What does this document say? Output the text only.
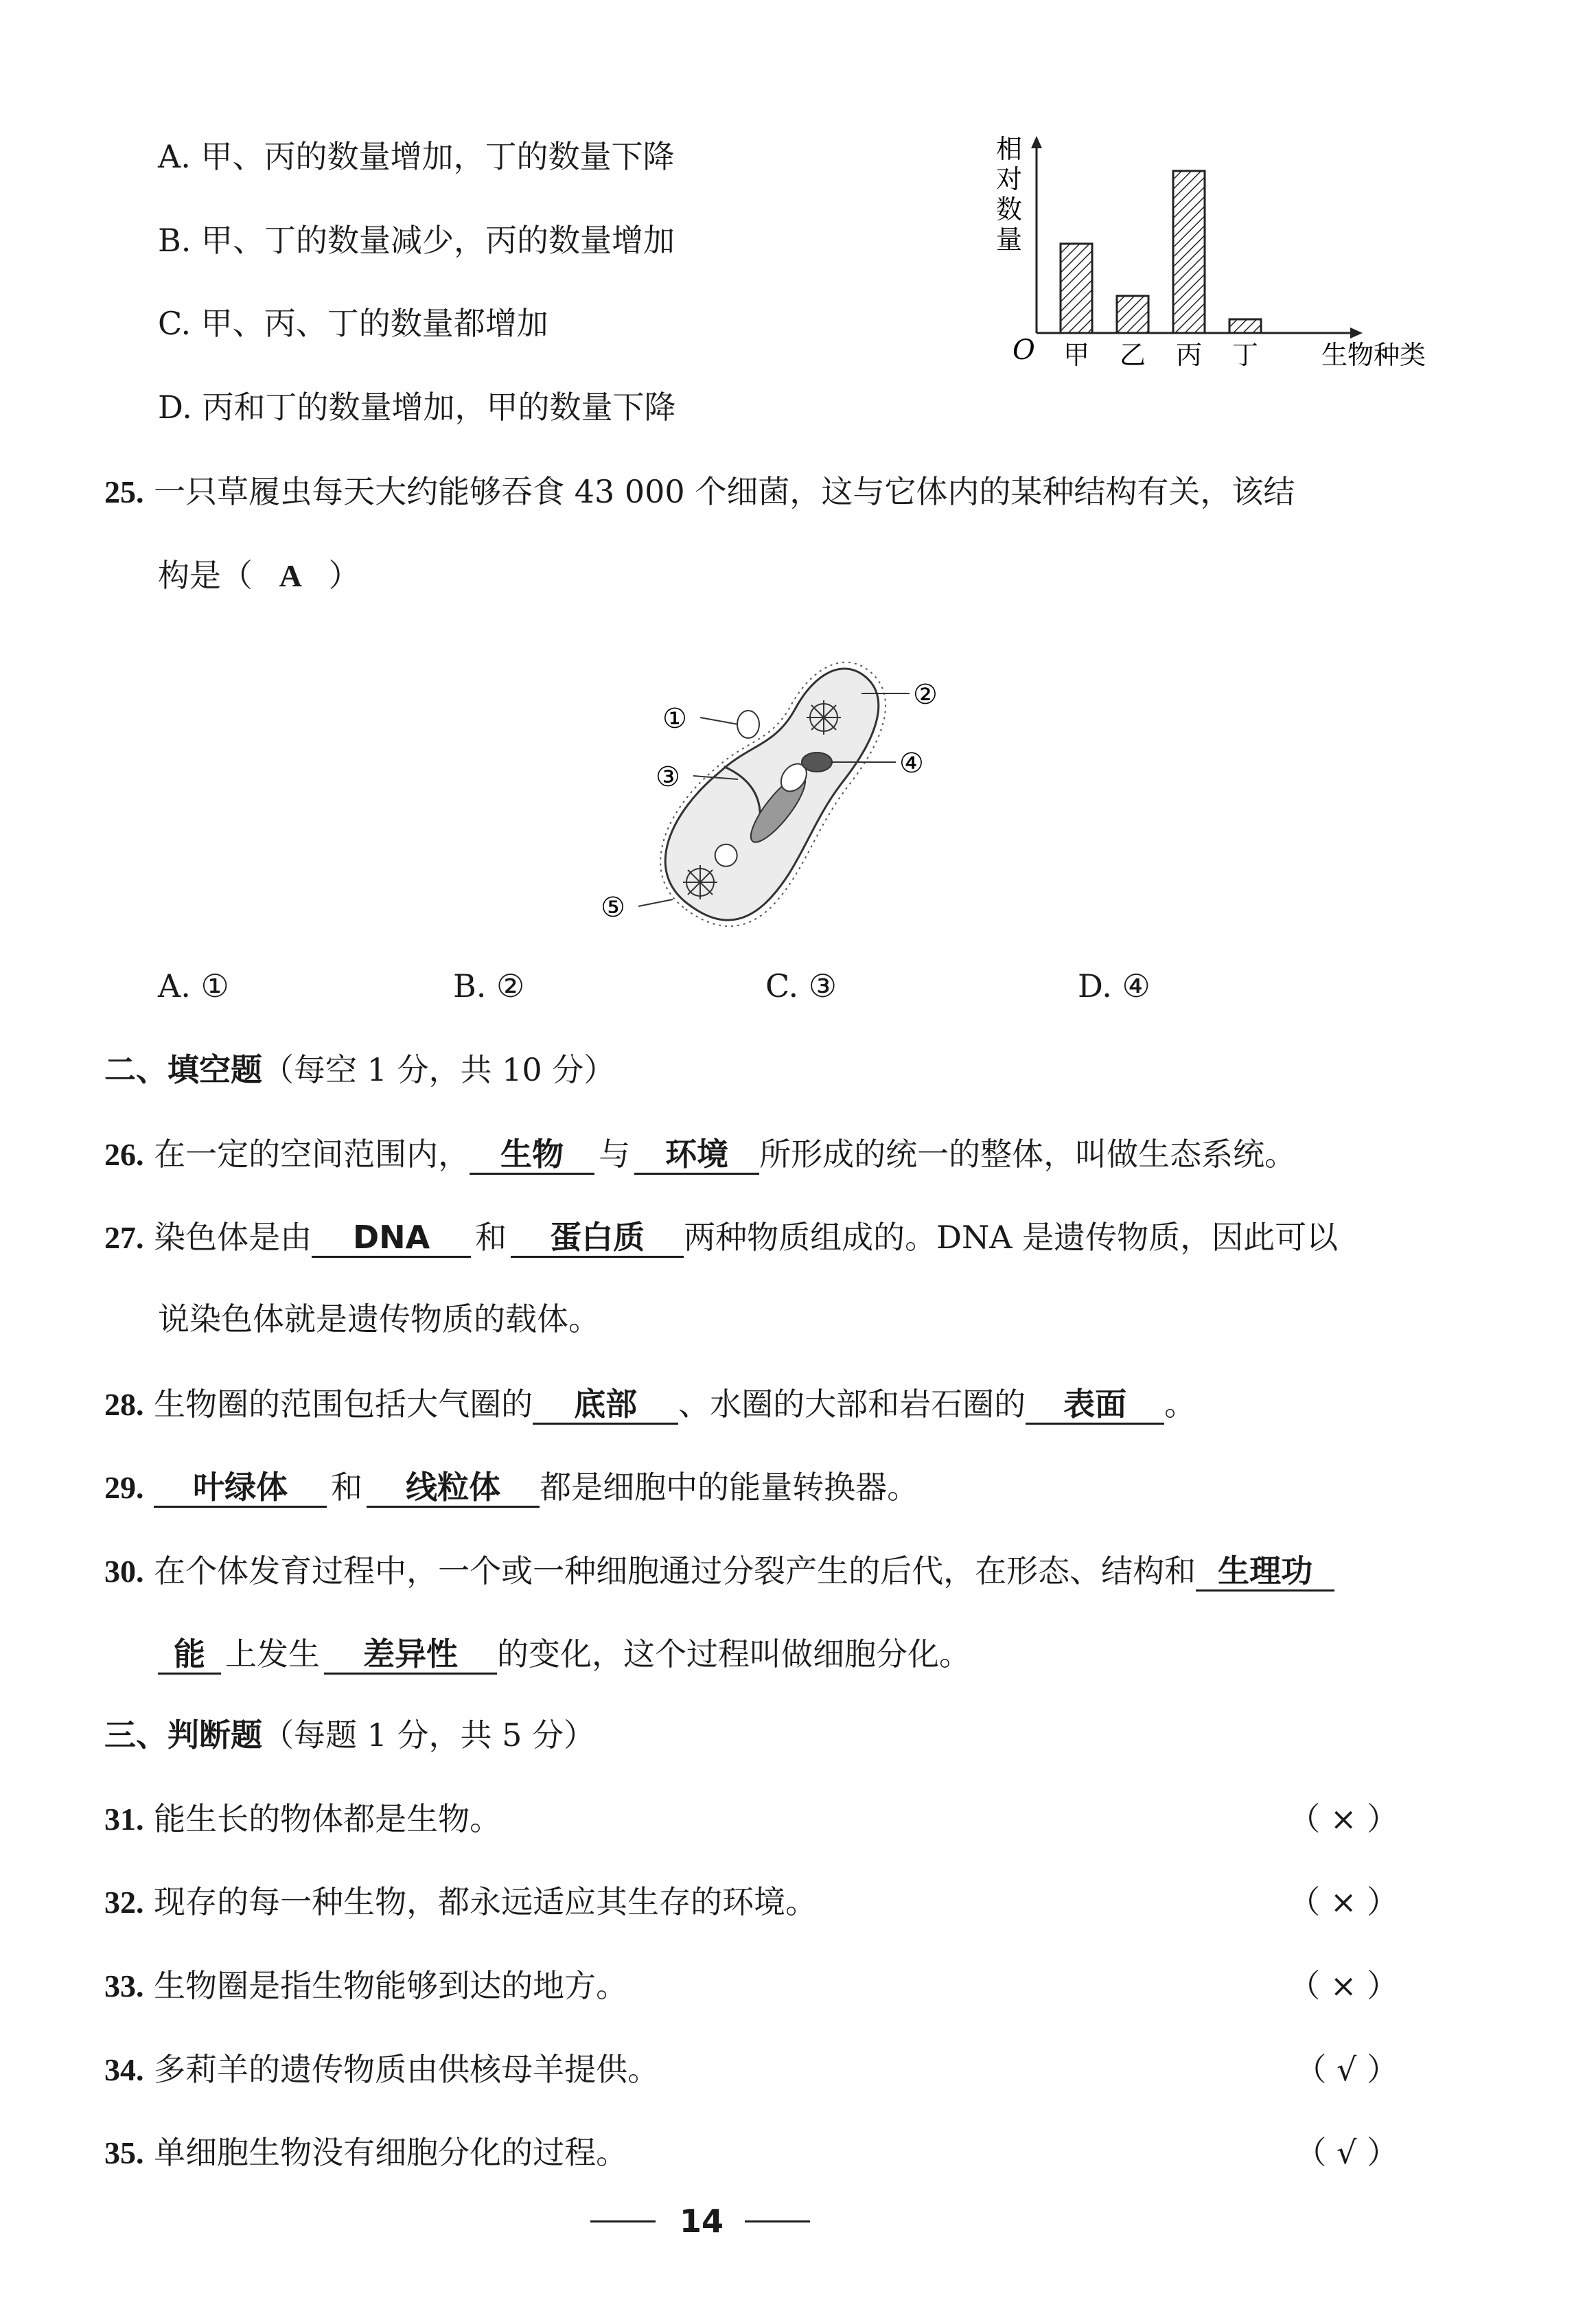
A. 甲、丙的数量增加，丁的数量下降
B. 甲、丁的数量减少，丙的数量增加
C. 甲、丙、丁的数量都增加
D. 丙和丁的数量增加，甲的数量下降
甲 乙 丙 丁
相对数量
生物种类
O
25. 一只草履虫每天大约能够吞食 43 000 个细菌，这与它体内的某种结构有关，该结
构是（ A ）
①
②
③	④
⑤
A. ①	B. ②	C. ③	D. ④
二、填空题（每空 1 分，共 10 分）
26. 在一定的空间范围内， 生物 与 环境 所形成的统一的整体，叫做生态系统。
27. 染色体是由 DNA 和 蛋白质 两种物质组成的。DNA 是遗传物质，因此可以
说染色体就是遗传物质的载体。
28. 生物圈的范围包括大气圈的 底部 、水圈的大部和岩石圈的 表面 。
29. 叶绿体 和 线粒体 都是细胞中的能量转换器。
30. 在个体发育过程中，一个或一种细胞通过分裂产生的后代，在形态、结构和 生理功
能 上发生 差异性 的变化，这个过程叫做细胞分化。
三、判断题（每题 1 分，共 5 分）
31. 能生长的物体都是生物。	（ × ）
32. 现存的每一种生物，都永远适应其生存的环境。	（ × ）
33. 生物圈是指生物能够到达的地方。	（ × ）
34. 多莉羊的遗传物质由供核母羊提供。	（ √ ）
35. 单细胞生物没有细胞分化的过程。	（ √ ）
14
